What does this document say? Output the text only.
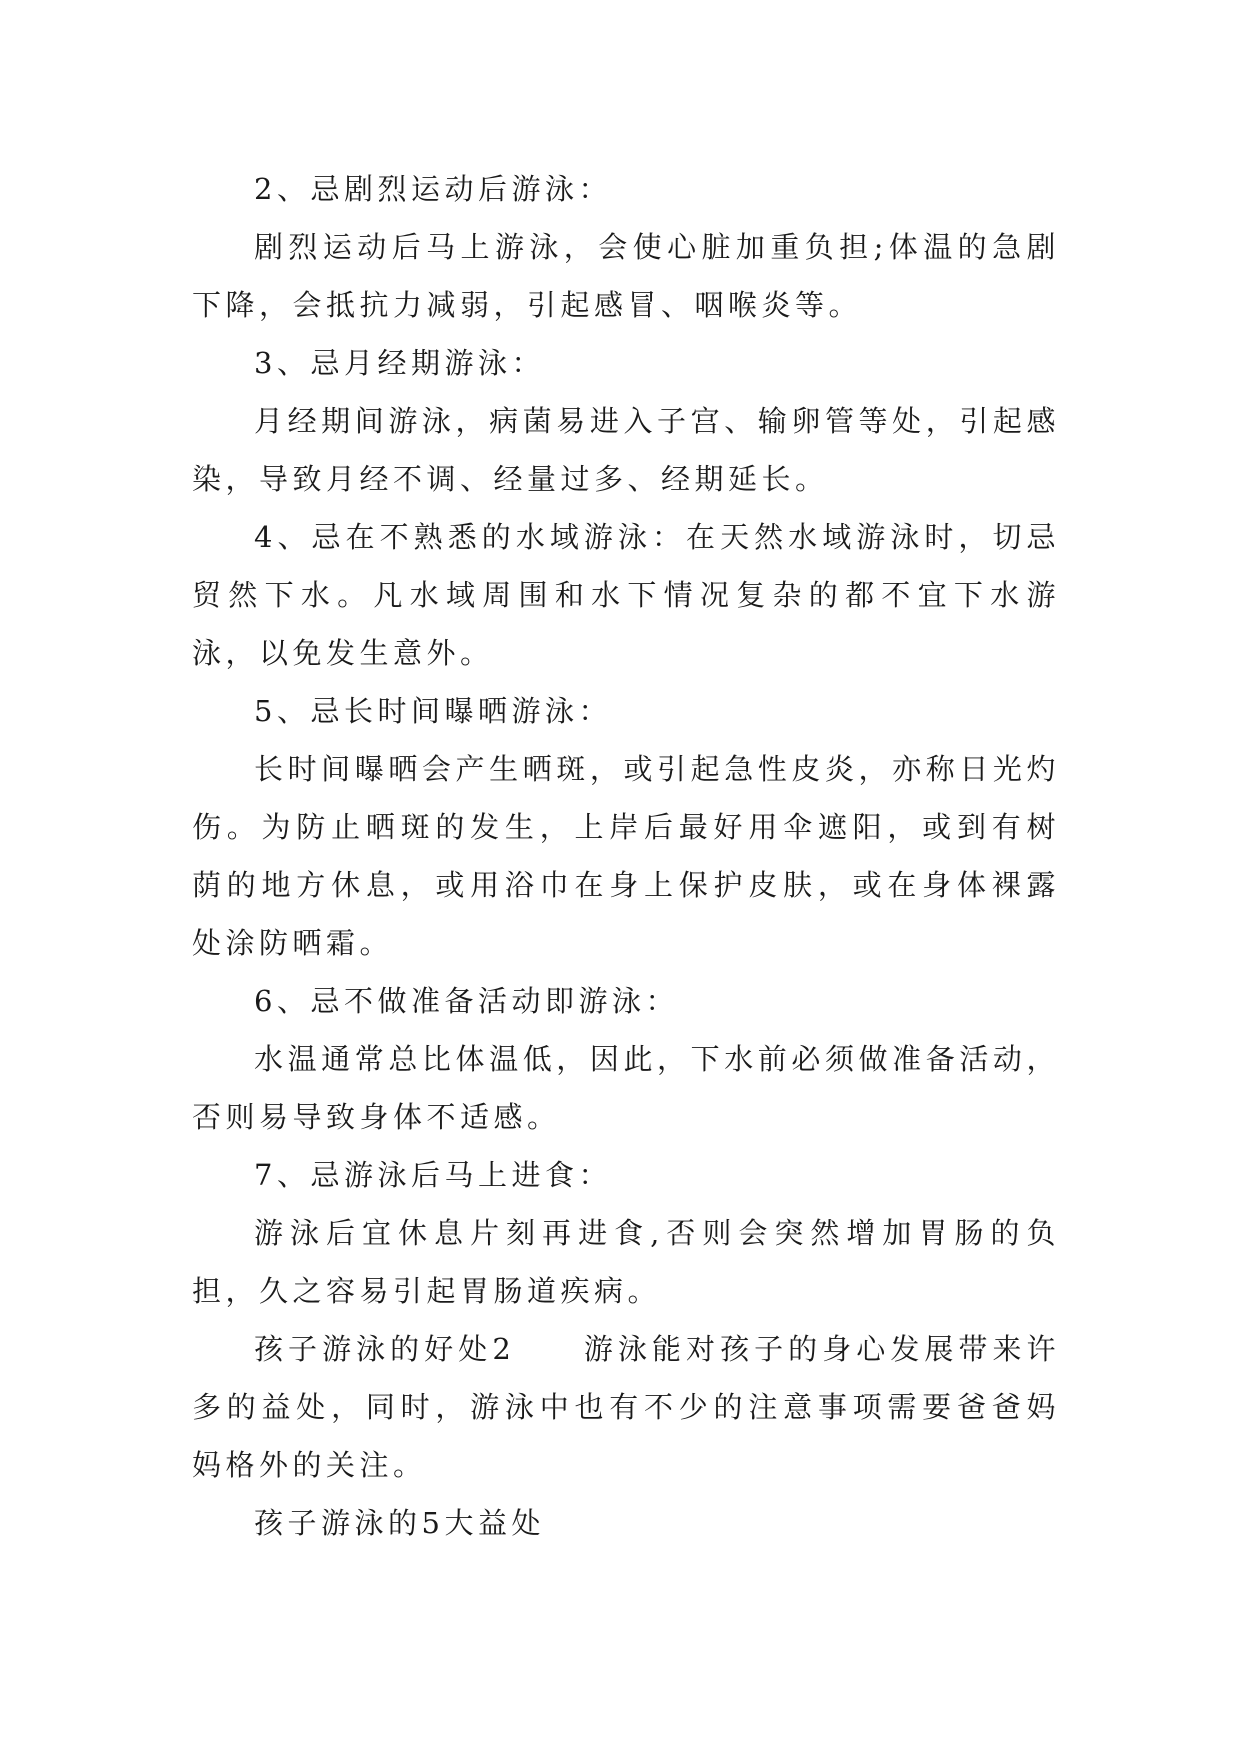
2、忌剧烈运动后游泳：

剧烈运动后马上游泳，会使心脏加重负担;体温的急剧下降，会抵抗力减弱，引起感冒、咽喉炎等。

3、忌月经期游泳：

月经期间游泳，病菌易进入子宫、输卵管等处，引起感染，导致月经不调、经量过多、经期延长。

4、忌在不熟悉的水域游泳：在天然水域游泳时，切忌贸然下水。凡水域周围和水下情况复杂的都不宜下水游泳，以免发生意外。

5、忌长时间曝晒游泳：

长时间曝晒会产生晒斑，或引起急性皮炎，亦称日光灼伤。为防止晒斑的发生，上岸后最好用伞遮阳，或到有树荫的地方休息，或用浴巾在身上保护皮肤，或在身体裸露处涂防晒霜。

6、忌不做准备活动即游泳：

水温通常总比体温低，因此，下水前必须做准备活动，否则易导致身体不适感。

7、忌游泳后马上进食：

游泳后宜休息片刻再进食,否则会突然增加胃肠的负担，久之容易引起胃肠道疾病。

孩子游泳的好处2　　游泳能对孩子的身心发展带来许多的益处，同时，游泳中也有不少的注意事项需要爸爸妈妈格外的关注。

孩子游泳的5大益处
